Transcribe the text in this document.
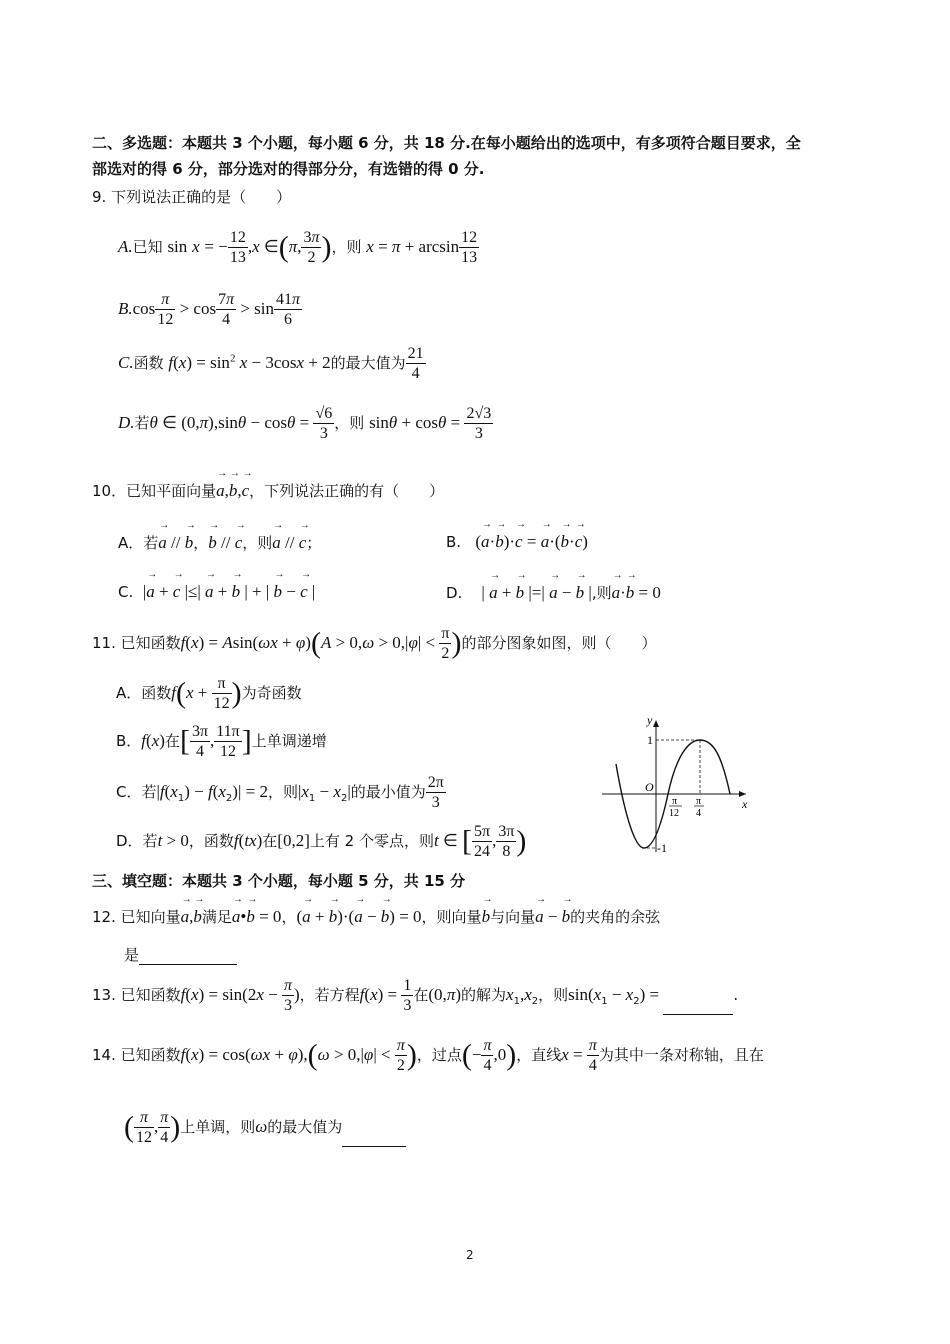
二、多选题：本题共 3 个小题，每小题 6 分，共 18 分.在每小题给出的选项中，有多项符合题目要求，全
部选对的得 6 分，部分选对的得部分分，有选错的得 0 分.
9. 下列说法正确的是（　　）
A.已知 sin x = − $\frac{12}{13} ,x$ ∈(π, $\frac{3\pi}{2}$ )，则 $x = \pi + \arcsin \frac{12}{13}$
$B.\cos \frac{\pi}{12} > \cos \frac{7\pi}{4} > \sin \frac{41\pi}{6}$
C.函数 $f(x) = \sin^2 x - 3\cos x + 2$的最大值为 $\frac{21}{4}$
D.若θ ∈ $(0,\pi),\sin\theta - \cos\theta = \frac{√6}{3}$ ，则 $\sin\theta + \cos\theta = \frac{2√3}{3}$
10．已知平面向量→ a,→ b,→ c，下列说法正确的有（　　）
A．若→ a // → b，→ b // → c，则→ a // → c；	B. (→ a·→ b)·→ c = → a·(→ b·→ c)
C. |→ a + → c |≤| → a + → b | + | → b − → c |	D. | → a + → b |=| → a − → b |,则→ a·→ b = 0
11. 已知函数$f(x) = Asin(\omega x + \varphi)(A > 0,\omega > 0,|\varphi| < \frac{\pi}{2}$ )的部分图象如图，则（　　）
A．函数$f(x + \frac{\pi}{12}$ )为奇函数
B．f(x)在[ $\frac{3\pi}{4}$ , $\frac{11\pi}{12}$ ]上单调递增
C．若$|f(x_1) - f(x_2)| = 2$，则$|x_1 - x_2|$的最小值为 $\frac{2\pi}{3}$
D．若t > 0，函数f(tx)在[0,2]上有 2 个零点，则t ∈ [ $\frac{5\pi}{24}$ , $\frac{3\pi}{8}$ )
y
x
O
1
-1
π
12
π
4
三、填空题：本题共 3 个小题，每小题 5 分，共 15 分
12. 已知向量→ a,→ b满足→ a•→ b = 0，(→ a + → b)·(→ a − → b) = 0，则向量→ b与向量→ a − → b的夹角的余弦
是
13. 已知函数$f(x) = \sin(2x - \frac{\pi}{3}$ )，若方程$f(x) = \frac{1}{3}$ 在(0,π)的解为$x_1,x_2$，则$\sin(x_1 - x_2)$ =	.
14. 已知函数$f(x) = \cos(\omega x + \varphi),(\omega > 0,|\varphi| < \frac{\pi}{2}$ )，过点(− $\frac{\pi}{4} ,0$)，直线$x = \frac{\pi}{4}$ 为其中一条对称轴，且在
( $\frac{\pi}{12}$ , $\frac{\pi}{4}$ )上单调，则ω的最大值为
2
